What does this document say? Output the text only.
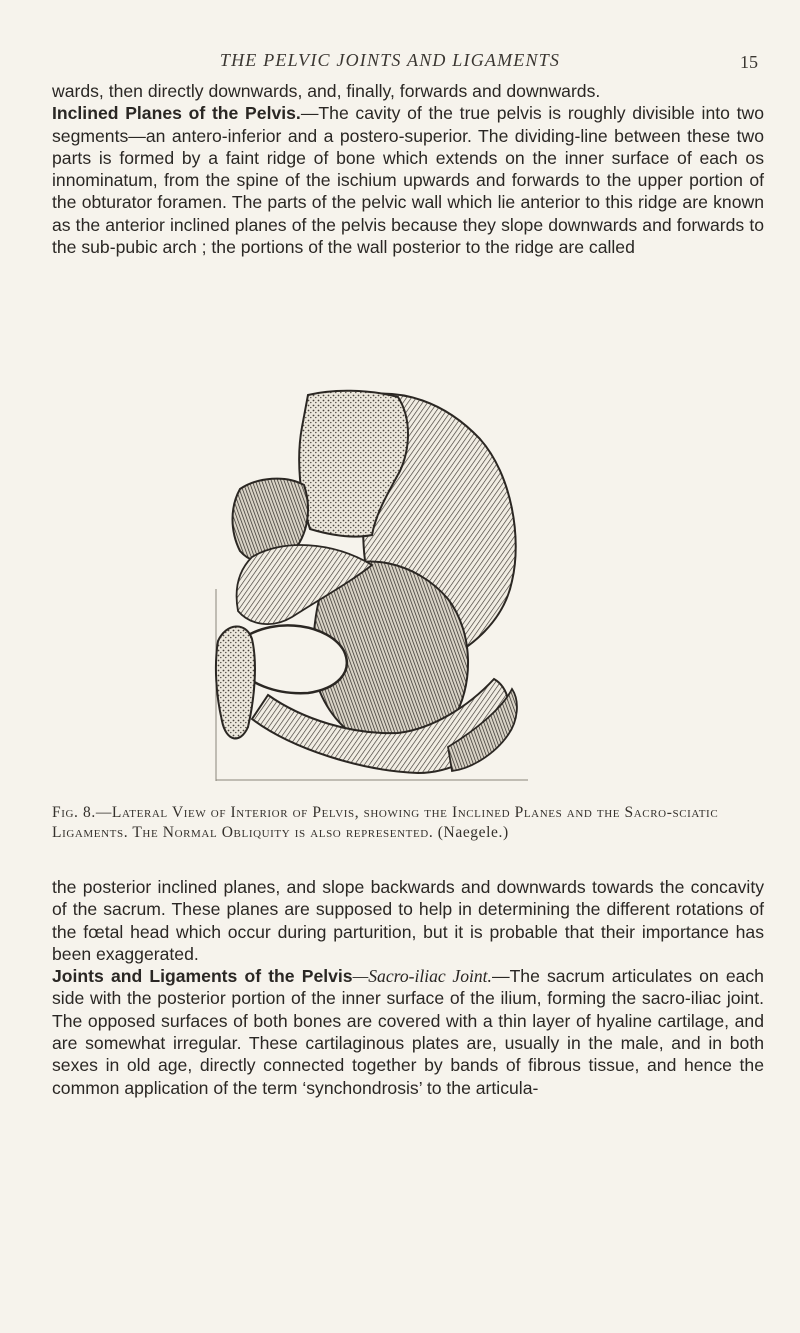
THE PELVIC JOINTS AND LIGAMENTS	15

wards, then directly downwards, and, finally, forwards and downwards.

Inclined Planes of the Pelvis.—The cavity of the true pelvis is roughly divisible into two segments—an antero-inferior and a postero-superior. The dividing-line between these two parts is formed by a faint ridge of bone which extends on the inner surface of each os innominatum, from the spine of the ischium upwards and forwards to the upper portion of the obturator foramen. The parts of the pelvic wall which lie anterior to this ridge are known as the anterior inclined planes of the pelvis because they slope downwards and forwards to the sub-pubic arch ; the portions of the wall posterior to the ridge are called

Fig. 8.—Lateral View of Interior of Pelvis, showing the Inclined Planes and the Sacro-sciatic Ligaments. The Normal Obliquity is also represented. (Naegele.)

the posterior inclined planes, and slope backwards and downwards towards the concavity of the sacrum. These planes are supposed to help in determining the different rotations of the fœtal head which occur during parturition, but it is probable that their importance has been exaggerated.

Joints and Ligaments of the Pelvis—Sacro-iliac Joint.—The sacrum articulates on each side with the posterior portion of the inner surface of the ilium, forming the sacro-iliac joint. The opposed surfaces of both bones are covered with a thin layer of hyaline cartilage, and are somewhat irregular. These cartilaginous plates are, usually in the male, and in both sexes in old age, directly connected together by bands of fibrous tissue, and hence the common application of the term ‘synchondrosis’ to the articula-
